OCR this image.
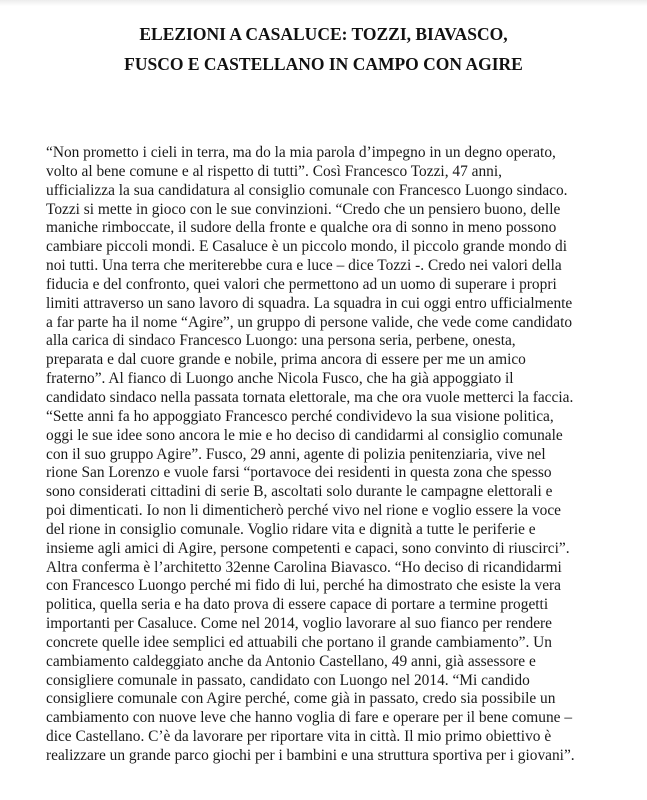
ELEZIONI A CASALUCE: TOZZI, BIAVASCO,
FUSCO E CASTELLANO IN CAMPO CON AGIRE
“Non prometto i cieli in terra, ma do la mia parola d’impegno in un degno operato,
volto al bene comune e al rispetto di tutti”. Così Francesco Tozzi, 47 anni,
ufficializza la sua candidatura al consiglio comunale con Francesco Luongo sindaco.
Tozzi si mette in gioco con le sue convinzioni. “Credo che un pensiero buono, delle
maniche rimboccate, il sudore della fronte e qualche ora di sonno in meno possono
cambiare piccoli mondi. E Casaluce è un piccolo mondo, il piccolo grande mondo di
noi tutti. Una terra che meriterebbe cura e luce – dice Tozzi -. Credo nei valori della
fiducia e del confronto, quei valori che permettono ad un uomo di superare i propri
limiti attraverso un sano lavoro di squadra. La squadra in cui oggi entro ufficialmente
a far parte ha il nome “Agire”, un gruppo di persone valide, che vede come candidato
alla carica di sindaco Francesco Luongo: una persona seria, perbene, onesta,
preparata e dal cuore grande e nobile, prima ancora di essere per me un amico
fraterno”. Al fianco di Luongo anche Nicola Fusco, che ha già appoggiato il
candidato sindaco nella passata tornata elettorale, ma che ora vuole metterci la faccia.
“Sette anni fa ho appoggiato Francesco perché condividevo la sua visione politica,
oggi le sue idee sono ancora le mie e ho deciso di candidarmi al consiglio comunale
con il suo gruppo Agire”. Fusco, 29 anni, agente di polizia penitenziaria, vive nel
rione San Lorenzo e vuole farsi “portavoce dei residenti in questa zona che spesso
sono considerati cittadini di serie B, ascoltati solo durante le campagne elettorali e
poi dimenticati. Io non li dimenticherò perché vivo nel rione e voglio essere la voce
del rione in consiglio comunale. Voglio ridare vita e dignità a tutte le periferie e
insieme agli amici di Agire, persone competenti e capaci, sono convinto di riuscirci”.
Altra conferma è l’architetto 32enne Carolina Biavasco. “Ho deciso di ricandidarmi
con Francesco Luongo perché mi fido di lui, perché ha dimostrato che esiste la vera
politica, quella seria e ha dato prova di essere capace di portare a termine progetti
importanti per Casaluce. Come nel 2014, voglio lavorare al suo fianco per rendere
concrete quelle idee semplici ed attuabili che portano il grande cambiamento”. Un
cambiamento caldeggiato anche da Antonio Castellano, 49 anni, già assessore e
consigliere comunale in passato, candidato con Luongo nel 2014. “Mi candido
consigliere comunale con Agire perché, come già in passato, credo sia possibile un
cambiamento con nuove leve che hanno voglia di fare e operare per il bene comune –
dice Castellano. C’è da lavorare per riportare vita in città. Il mio primo obiettivo è
realizzare un grande parco giochi per i bambini e una struttura sportiva per i giovani”.
